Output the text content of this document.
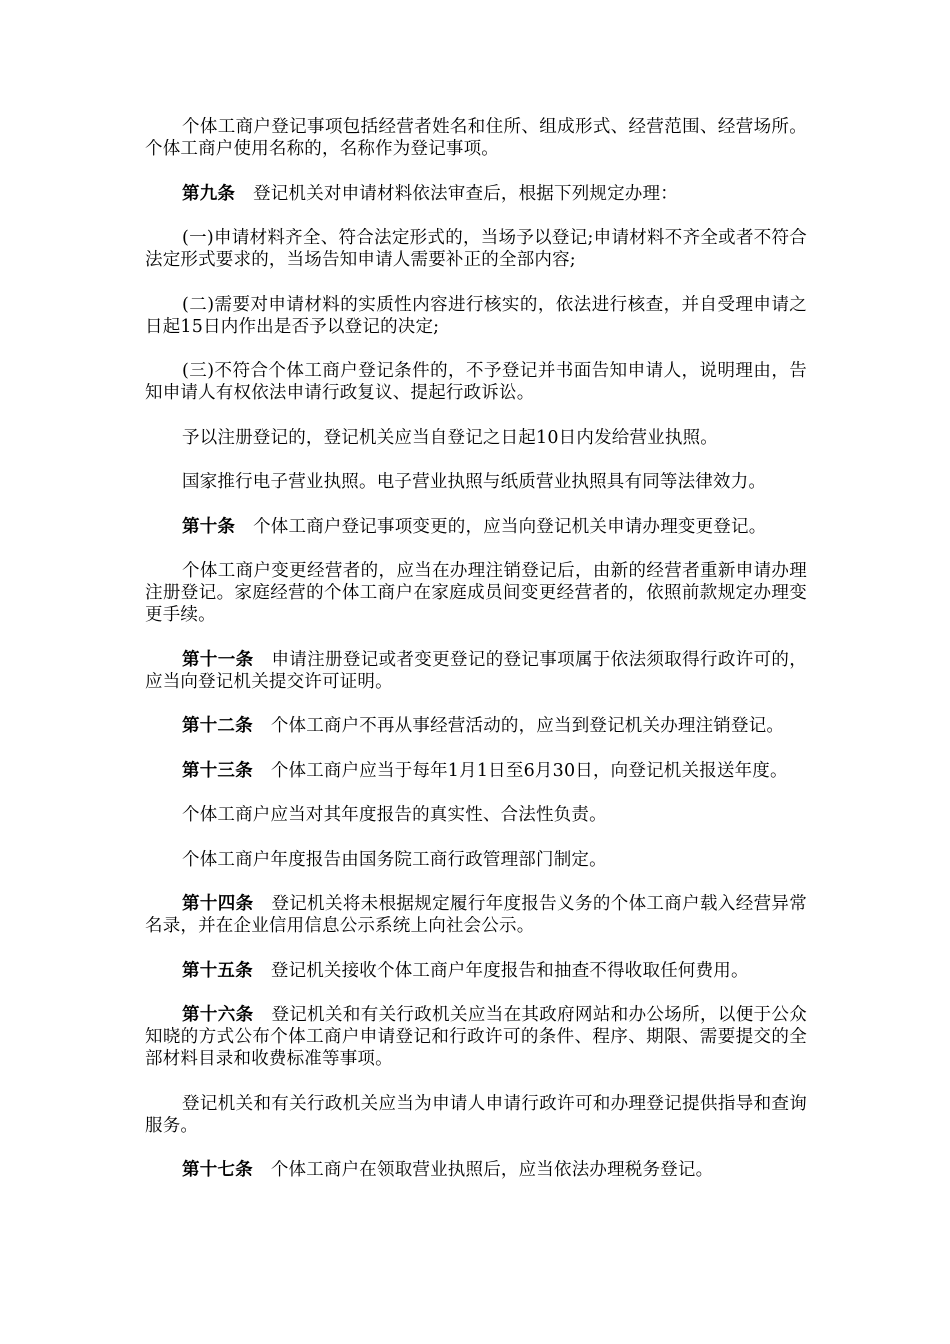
个体工商户登记事项包括经营者姓名和住所、组成形式、经营范围、经营场所。个体工商户使用名称的，名称作为登记事项。

第九条 登记机关对申请材料依法审查后，根据下列规定办理：

(一)申请材料齐全、符合法定形式的，当场予以登记;申请材料不齐全或者不符合法定形式要求的，当场告知申请人需要补正的全部内容;

(二)需要对申请材料的实质性内容进行核实的，依法进行核查，并自受理申请之日起15日内作出是否予以登记的决定;

(三)不符合个体工商户登记条件的，不予登记并书面告知申请人，说明理由，告知申请人有权依法申请行政复议、提起行政诉讼。

予以注册登记的，登记机关应当自登记之日起10日内发给营业执照。

国家推行电子营业执照。电子营业执照与纸质营业执照具有同等法律效力。

第十条 个体工商户登记事项变更的，应当向登记机关申请办理变更登记。

个体工商户变更经营者的，应当在办理注销登记后，由新的经营者重新申请办理注册登记。家庭经营的个体工商户在家庭成员间变更经营者的，依照前款规定办理变更手续。

第十一条 申请注册登记或者变更登记的登记事项属于依法须取得行政许可的，应当向登记机关提交许可证明。

第十二条 个体工商户不再从事经营活动的，应当到登记机关办理注销登记。

第十三条 个体工商户应当于每年1月1日至6月30日，向登记机关报送年度。

个体工商户应当对其年度报告的真实性、合法性负责。

个体工商户年度报告由国务院工商行政管理部门制定。

第十四条 登记机关将未根据规定履行年度报告义务的个体工商户载入经营异常名录，并在企业信用信息公示系统上向社会公示。

第十五条 登记机关接收个体工商户年度报告和抽查不得收取任何费用。

第十六条 登记机关和有关行政机关应当在其政府网站和办公场所，以便于公众知晓的方式公布个体工商户申请登记和行政许可的条件、程序、期限、需要提交的全部材料目录和收费标准等事项。

登记机关和有关行政机关应当为申请人申请行政许可和办理登记提供指导和查询服务。

第十七条 个体工商户在领取营业执照后，应当依法办理税务登记。
